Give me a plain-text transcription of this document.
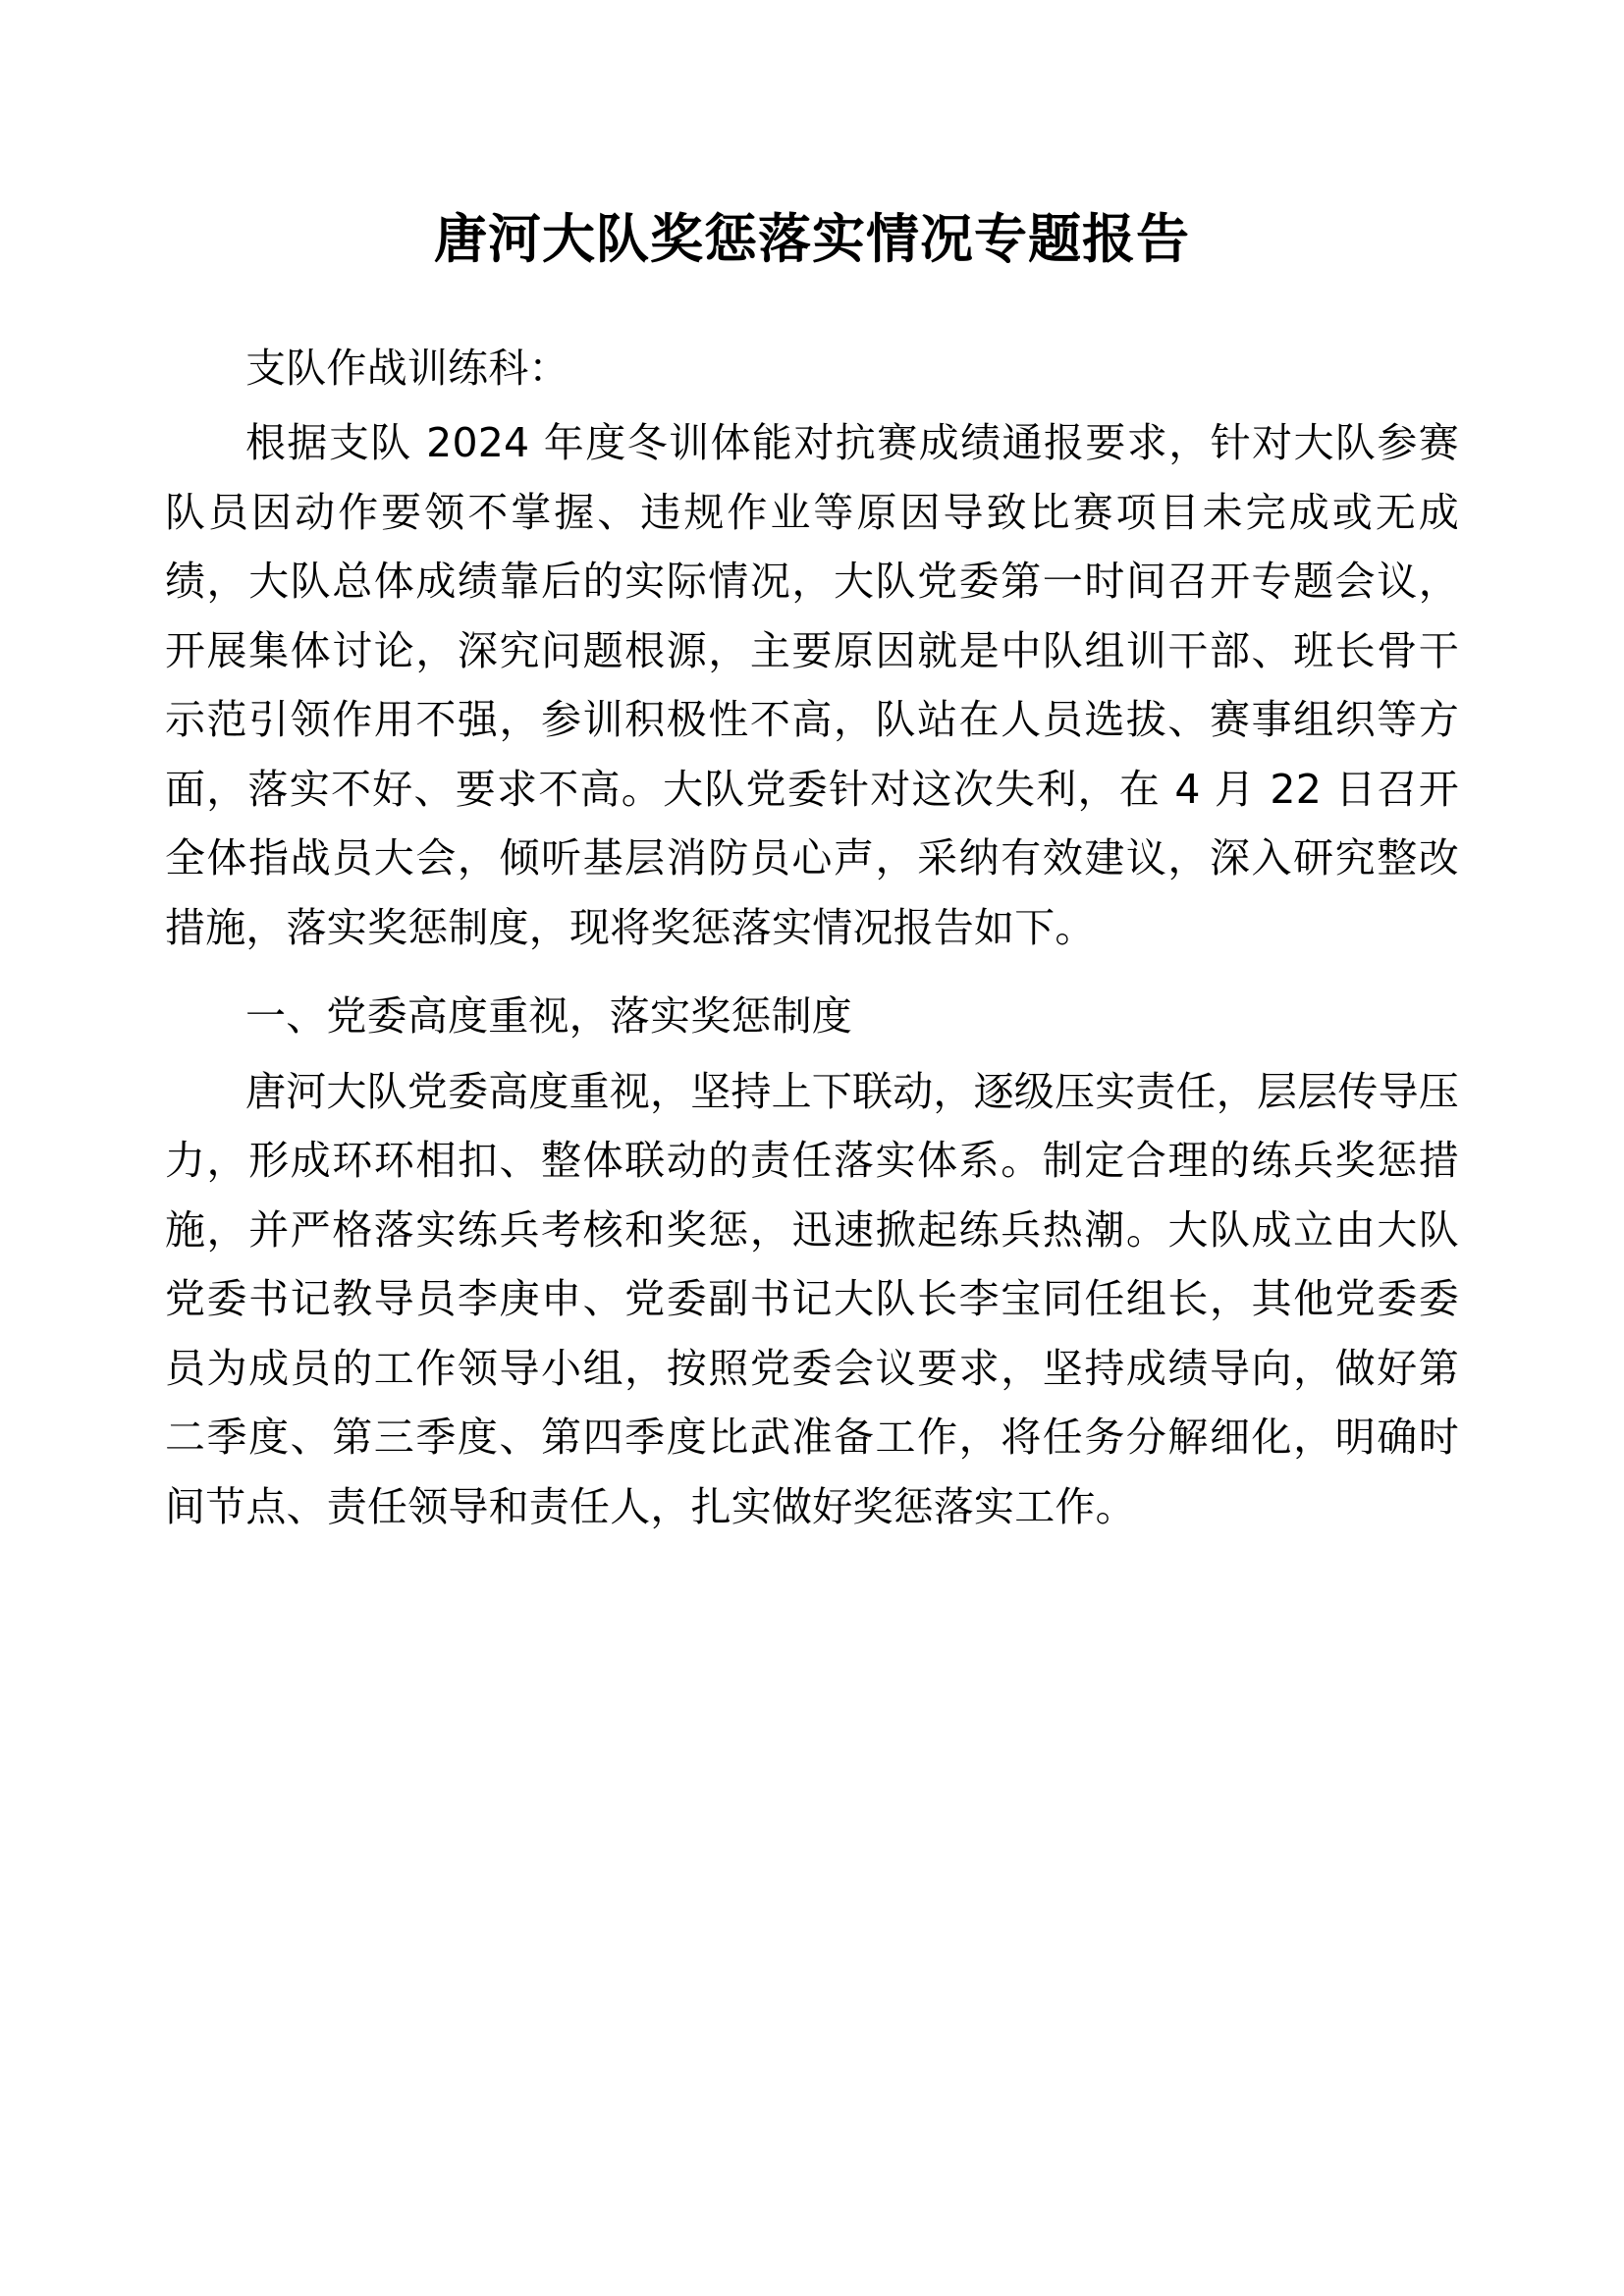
唐河大队奖惩落实情况专题报告

支队作战训练科：

根据支队 2024 年度冬训体能对抗赛成绩通报要求，针对大队参赛队员因动作要领不掌握、违规作业等原因导致比赛项目未完成或无成绩，大队总体成绩靠后的实际情况，大队党委第一时间召开专题会议，开展集体讨论，深究问题根源，主要原因就是中队组训干部、班长骨干示范引领作用不强，参训积极性不高，队站在人员选拔、赛事组织等方面，落实不好、要求不高。大队党委针对这次失利，在 4 月 22 日召开全体指战员大会，倾听基层消防员心声，采纳有效建议，深入研究整改措施，落实奖惩制度，现将奖惩落实情况报告如下。

一、党委高度重视，落实奖惩制度

唐河大队党委高度重视，坚持上下联动，逐级压实责任，层层传导压力，形成环环相扣、整体联动的责任落实体系。制定合理的练兵奖惩措施，并严格落实练兵考核和奖惩，迅速掀起练兵热潮。大队成立由大队党委书记教导员李庚申、党委副书记大队长李宝同任组长，其他党委委员为成员的工作领导小组，按照党委会议要求，坚持成绩导向，做好第二季度、第三季度、第四季度比武准备工作，将任务分解细化，明确时间节点、责任领导和责任人，扎实做好奖惩落实工作。
